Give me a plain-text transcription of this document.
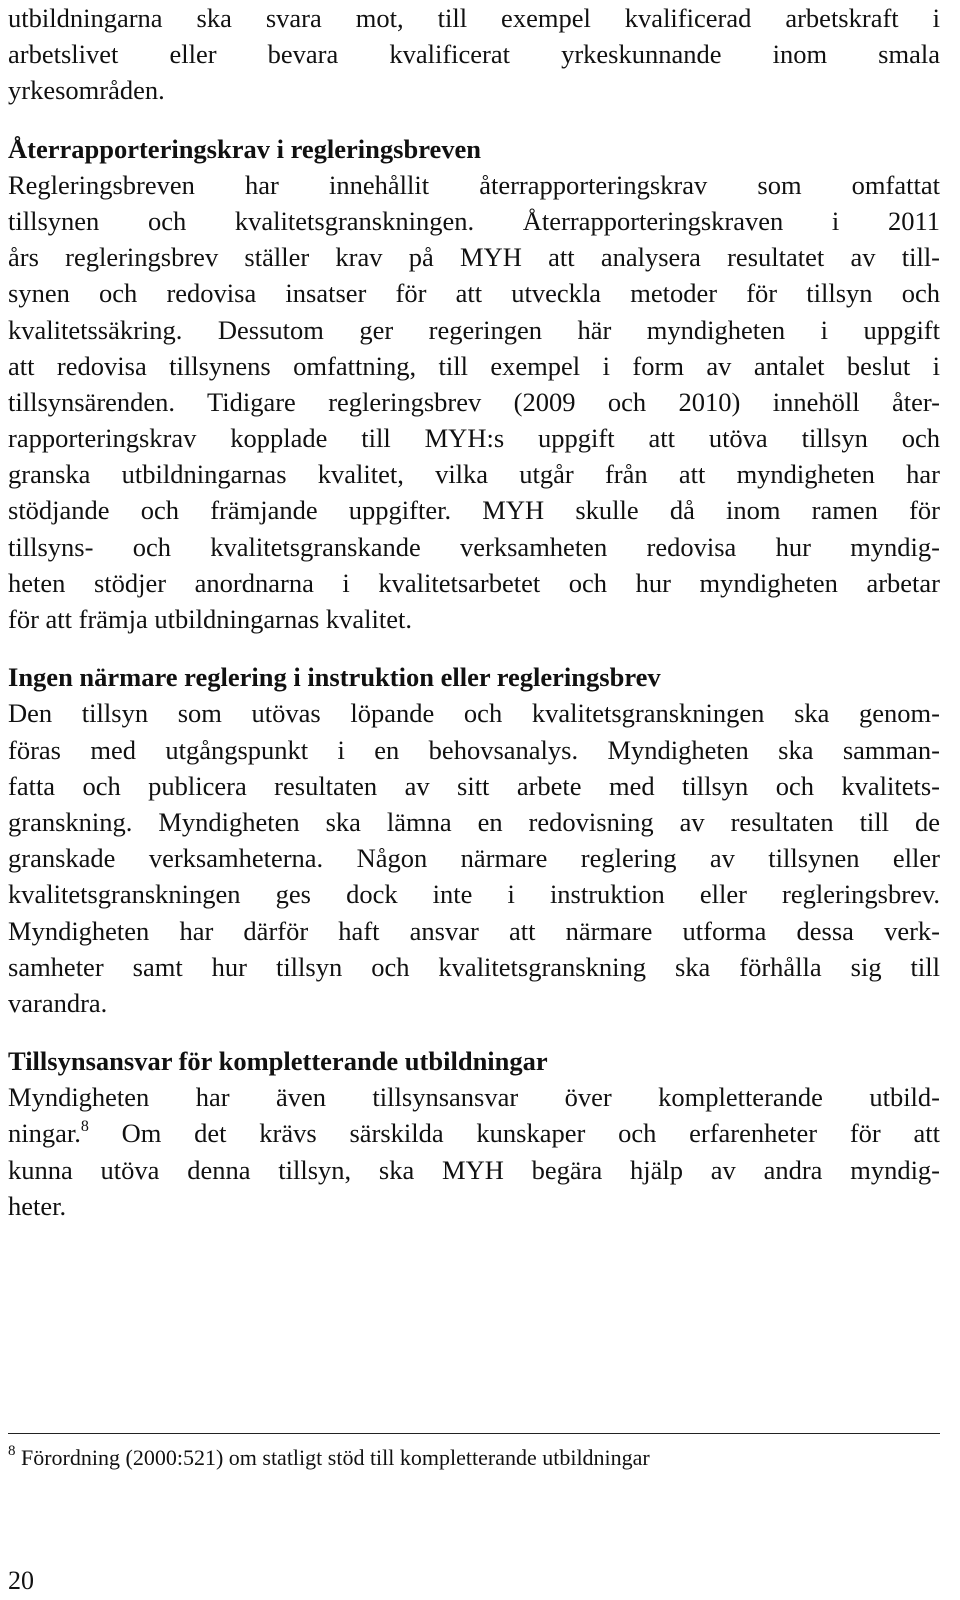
utbildningarna ska svara mot, till exempel kvalificerad arbetskraft i
arbetslivet eller bevara kvalificerat yrkeskunnande inom smala
yrkesområden.
Återrapporteringskrav i regleringsbreven
Regleringsbreven har innehållit återrapporteringskrav som omfattat
tillsynen och kvalitetsgranskningen. Återrapporteringskraven i 2011
års regleringsbrev ställer krav på MYH att analysera resultatet av till-
synen och redovisa insatser för att utveckla metoder för tillsyn och
kvalitetssäkring. Dessutom ger regeringen här myndigheten i uppgift
att redovisa tillsynens omfattning, till exempel i form av antalet beslut i
tillsynsärenden. Tidigare regleringsbrev (2009 och 2010) innehöll åter-
rapporteringskrav kopplade till MYH:s uppgift att utöva tillsyn och
granska utbildningarnas kvalitet, vilka utgår från att myndigheten har
stödjande och främjande uppgifter. MYH skulle då inom ramen för
tillsyns- och kvalitetsgranskande verksamheten redovisa hur myndig-
heten stödjer anordnarna i kvalitetsarbetet och hur myndigheten arbetar
för att främja utbildningarnas kvalitet.
Ingen närmare reglering i instruktion eller regleringsbrev
Den tillsyn som utövas löpande och kvalitetsgranskningen ska genom-
föras med utgångspunkt i en behovsanalys. Myndigheten ska samman-
fatta och publicera resultaten av sitt arbete med tillsyn och kvalitets-
granskning. Myndigheten ska lämna en redovisning av resultaten till de
granskade verksamheterna. Någon närmare reglering av tillsynen eller
kvalitetsgranskningen ges dock inte i instruktion eller regleringsbrev.
Myndigheten har därför haft ansvar att närmare utforma dessa verk-
samheter samt hur tillsyn och kvalitetsgranskning ska förhålla sig till
varandra.
Tillsynsansvar för kompletterande utbildningar
Myndigheten har även tillsynsansvar över kompletterande utbild-
ningar.$^8$ Om det krävs särskilda kunskaper och erfarenheter för att
kunna utöva denna tillsyn, ska MYH begära hjälp av andra myndig-
heter.
$^8$ Förordning (2000:521) om statligt stöd till kompletterande utbildningar
20
